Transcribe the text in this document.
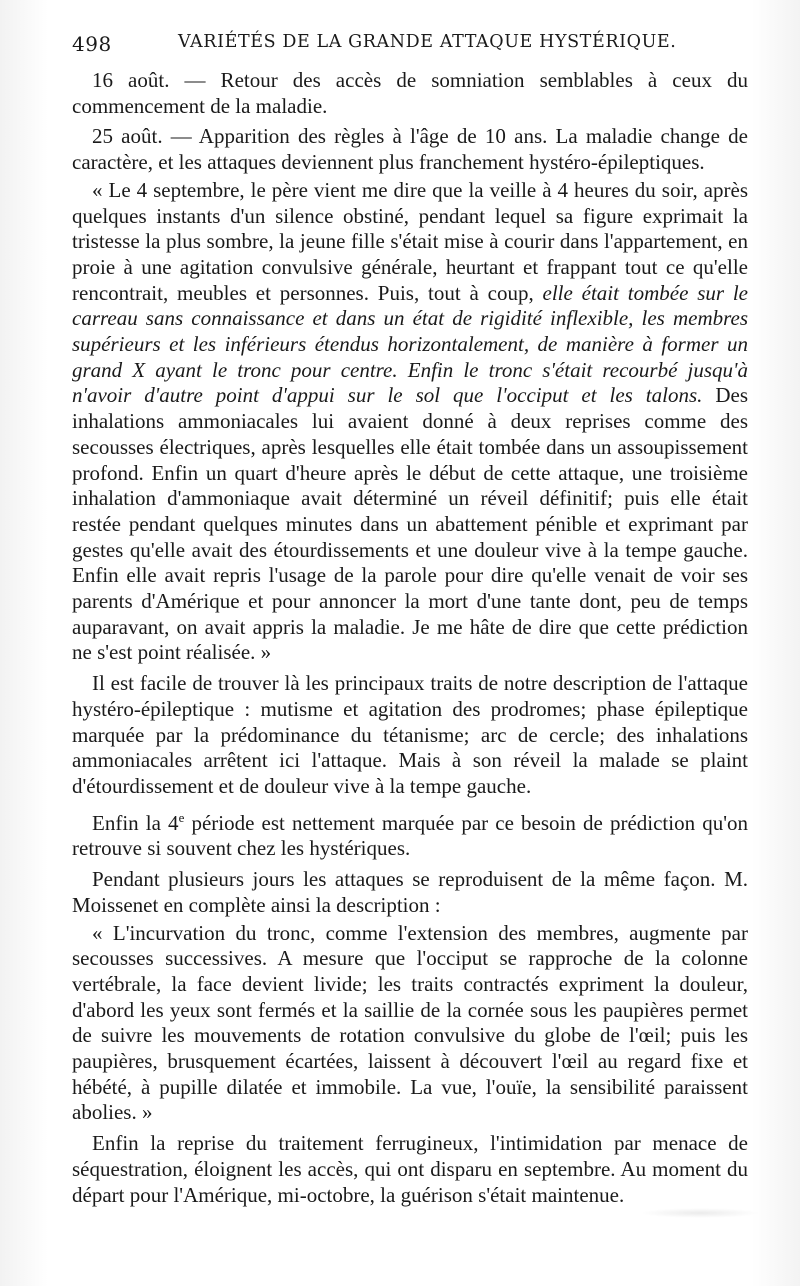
498	VARIÉTÉS DE LA GRANDE ATTAQUE HYSTÉRIQUE.

16 août. — Retour des accès de somniation semblables à ceux du commencement de la maladie.

25 août. — Apparition des règles à l'âge de 10 ans. La maladie change de caractère, et les attaques deviennent plus franchement hystéro-épileptiques.

« Le 4 septembre, le père vient me dire que la veille à 4 heures du soir, après quelques instants d'un silence obstiné, pendant lequel sa figure exprimait la tristesse la plus sombre, la jeune fille s'était mise à courir dans l'appartement, en proie à une agitation convulsive générale, heurtant et frappant tout ce qu'elle rencontrait, meubles et personnes. Puis, tout à coup, elle était tombée sur le carreau sans connaissance et dans un état de rigidité inflexible, les membres supérieurs et les inférieurs étendus horizontalement, de manière à former un grand X ayant le tronc pour centre. Enfin le tronc s'était recourbé jusqu'à n'avoir d'autre point d'appui sur le sol que l'occiput et les talons. Des inhalations ammoniacales lui avaient donné à deux reprises comme des secousses électriques, après lesquelles elle était tombée dans un assoupissement profond. Enfin un quart d'heure après le début de cette attaque, une troisième inhalation d'ammoniaque avait déterminé un réveil définitif; puis elle était restée pendant quelques minutes dans un abattement pénible et exprimant par gestes qu'elle avait des étourdissements et une douleur vive à la tempe gauche. Enfin elle avait repris l'usage de la parole pour dire qu'elle venait de voir ses parents d'Amérique et pour annoncer la mort d'une tante dont, peu de temps auparavant, on avait appris la maladie. Je me hâte de dire que cette prédiction ne s'est point réalisée. »

Il est facile de trouver là les principaux traits de notre description de l'attaque hystéro-épileptique : mutisme et agitation des prodromes; phase épileptique marquée par la prédominance du tétanisme; arc de cercle; des inhalations ammoniacales arrêtent ici l'attaque. Mais à son réveil la malade se plaint d'étourdissement et de douleur vive à la tempe gauche.

Enfin la 4e période est nettement marquée par ce besoin de prédiction qu'on retrouve si souvent chez les hystériques.

Pendant plusieurs jours les attaques se reproduisent de la même façon. M. Moissenet en complète ainsi la description :

« L'incurvation du tronc, comme l'extension des membres, augmente par secousses successives. A mesure que l'occiput se rapproche de la colonne vertébrale, la face devient livide; les traits contractés expriment la douleur, d'abord les yeux sont fermés et la saillie de la cornée sous les paupières permet de suivre les mouvements de rotation convulsive du globe de l'œil; puis les paupières, brusquement écartées, laissent à découvert l'œil au regard fixe et hébété, à pupille dilatée et immobile. La vue, l'ouïe, la sensibilité paraissent abolies. »

Enfin la reprise du traitement ferrugineux, l'intimidation par menace de séquestration, éloignent les accès, qui ont disparu en septembre. Au moment du départ pour l'Amérique, mi-octobre, la guérison s'était maintenue.
